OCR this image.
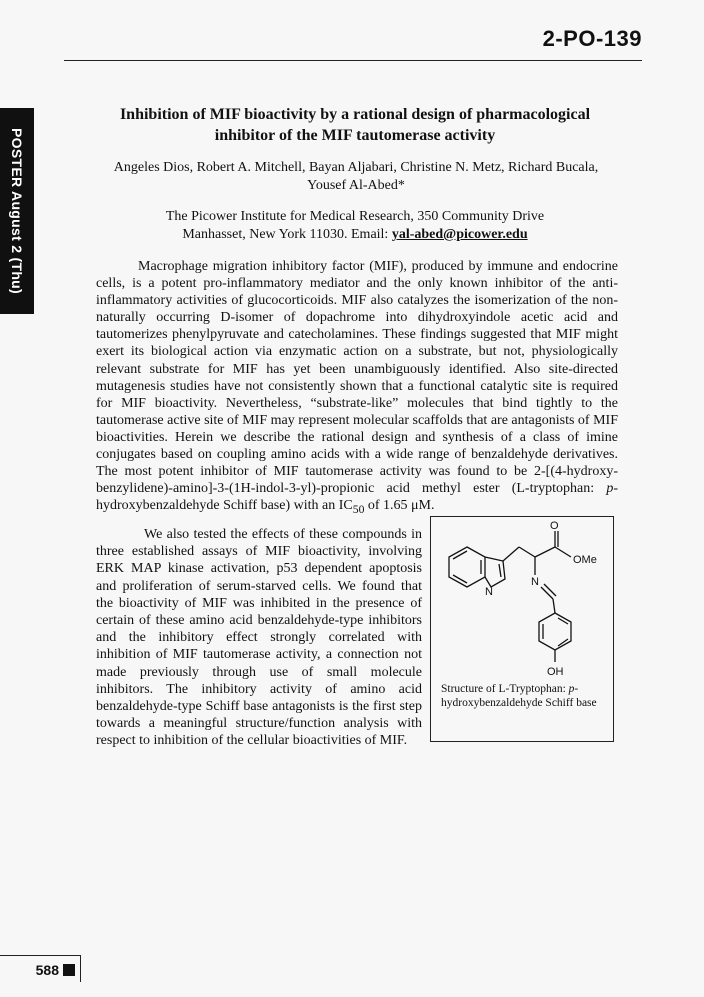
2-PO-139
POSTER August 2 (Thu)
Inhibition of MIF bioactivity by a rational design of pharmacological
inhibitor of the MIF tautomerase activity
Angeles Dios, Robert A. Mitchell, Bayan Aljabari, Christine N. Metz, Richard Bucala,
Yousef Al-Abed*
The Picower Institute for Medical Research, 350 Community Drive
Manhasset, New York 11030. Email: yal-abed@picower.edu

Macrophage migration inhibitory factor (MIF), produced by immune and endocrine cells, is a potent pro-inflammatory mediator and the only known inhibitor of the anti-inflammatory activities of glucocorticoids. MIF also catalyzes the isomerization of the non-naturally occurring D-isomer of dopachrome into dihydroxyindole acetic acid and tautomerizes phenylpyruvate and catecholamines. These findings suggested that MIF might exert its biological action via enzymatic action on a substrate, but not, physiologically relevant substrate for MIF has yet been unambiguously identified. Also site-directed mutagenesis studies have not consistently shown that a functional catalytic site is required for MIF bioactivity. Nevertheless, “substrate-like” molecules that bind tightly to the tautomerase active site of MIF may represent molecular scaffolds that are antagonists of MIF bioactivities. Herein we describe the rational design and synthesis of a class of imine conjugates based on coupling amino acids with a wide range of benzaldehyde derivatives. The most potent inhibitor of MIF tautomerase activity was found to be 2-[(4-hydroxy-benzylidene)-amino]-3-(1H-indol-3-yl)-propionic acid methyl ester (L-tryptophan: p-hydroxybenzaldehyde Schiff base) with an $IC_{50}$ of 1.65 μM.

We also tested the effects of these compounds in three established assays of MIF bioactivity, involving ERK MAP kinase activation, p53 dependent apoptosis and proliferation of serum-starved cells. We found that the bioactivity of MIF was inhibited in the presence of certain of these amino acid benzaldehyde-type inhibitors and the inhibitory effect strongly correlated with inhibition of MIF tautomerase activity, a connection not made previously through use of small molecule inhibitors. The inhibitory activity of amino acid benzaldehyde-type Schiff base antagonists is the first step towards a meaningful structure/function analysis with respect to inhibition of the cellular bioactivities of MIF.

O
OMe
N
N
OH

Structure of L-Tryptophan: p-hydroxybenzaldehyde Schiff base

588
